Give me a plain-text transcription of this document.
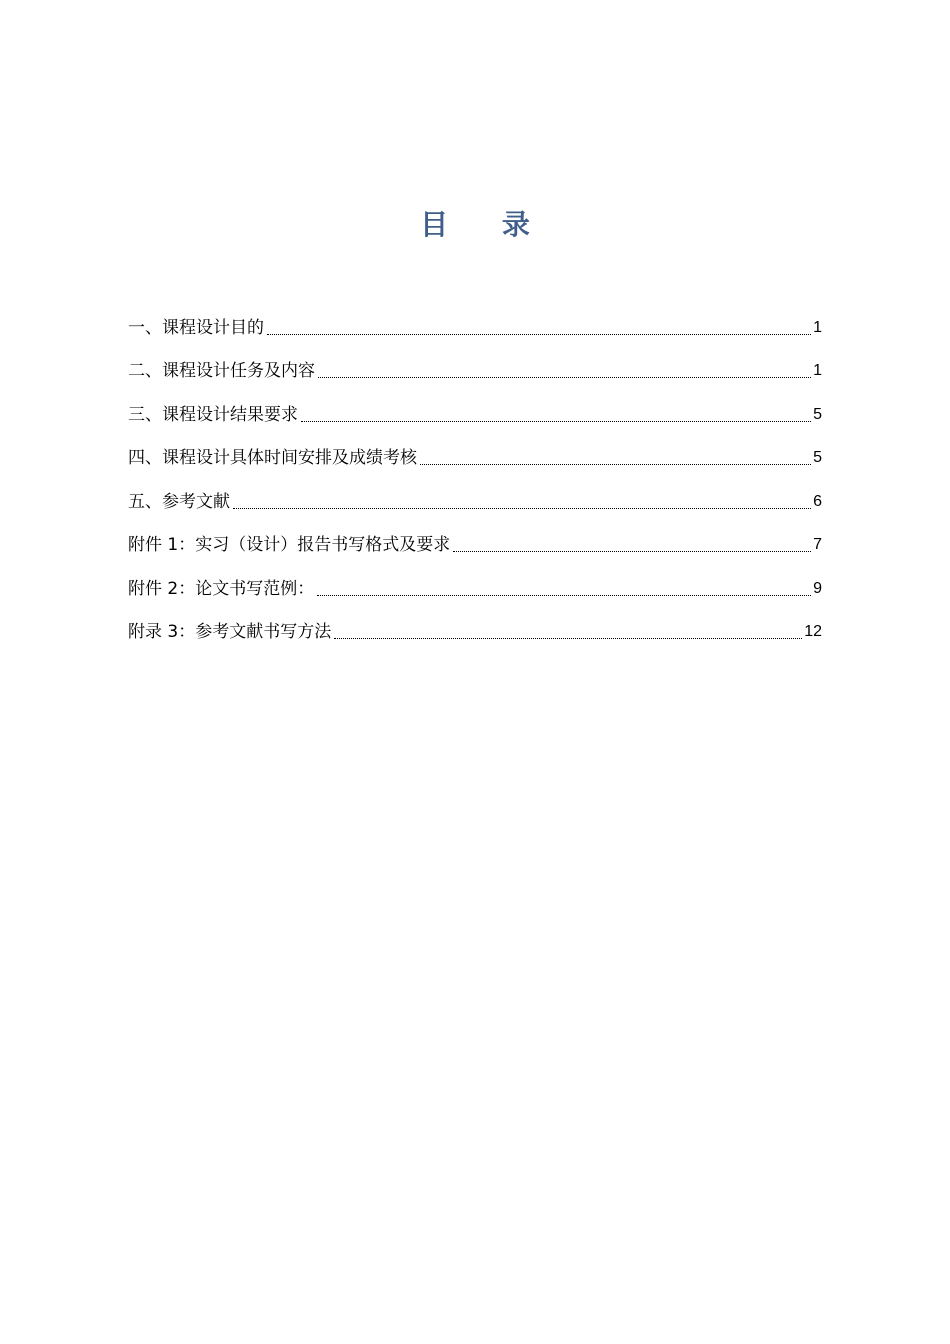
目 录
一、课程设计目的	1
二、课程设计任务及内容	1
三、课程设计结果要求	5
四、课程设计具体时间安排及成绩考核	5
五、参考文献	6
附件 1：实习（设计）报告书写格式及要求	7
附件 2：论文书写范例：	9
附录 3：参考文献书写方法	12
